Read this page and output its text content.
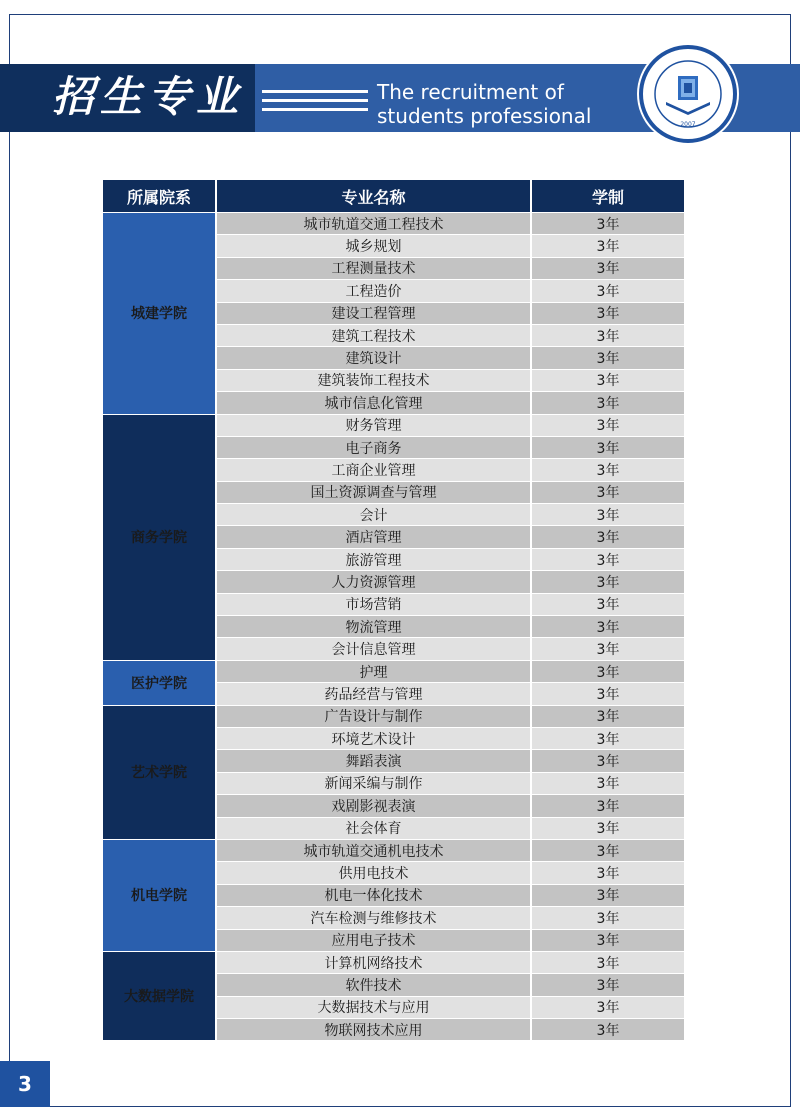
招生专业	The recruitment of
students professional	2007
所属院系	专业名称	学制
城建学院	城市轨道交通工程技术	3年
	城乡规划	3年
	工程测量技术	3年
	工程造价	3年
	建设工程管理	3年
	建筑工程技术	3年
	建筑设计	3年
	建筑装饰工程技术	3年
	城市信息化管理	3年
商务学院	财务管理	3年
	电子商务	3年
	工商企业管理	3年
	国土资源调查与管理	3年
	会计	3年
	酒店管理	3年
	旅游管理	3年
	人力资源管理	3年
	市场营销	3年
	物流管理	3年
	会计信息管理	3年
医护学院	护理	3年
	药品经营与管理	3年
艺术学院	广告设计与制作	3年
	环境艺术设计	3年
	舞蹈表演	3年
	新闻采编与制作	3年
	戏剧影视表演	3年
	社会体育	3年
机电学院	城市轨道交通机电技术	3年
	供用电技术	3年
	机电一体化技术	3年
	汽车检测与维修技术	3年
	应用电子技术	3年
大数据学院	计算机网络技术	3年
	软件技术	3年
	大数据技术与应用	3年
	物联网技术应用	3年
3
